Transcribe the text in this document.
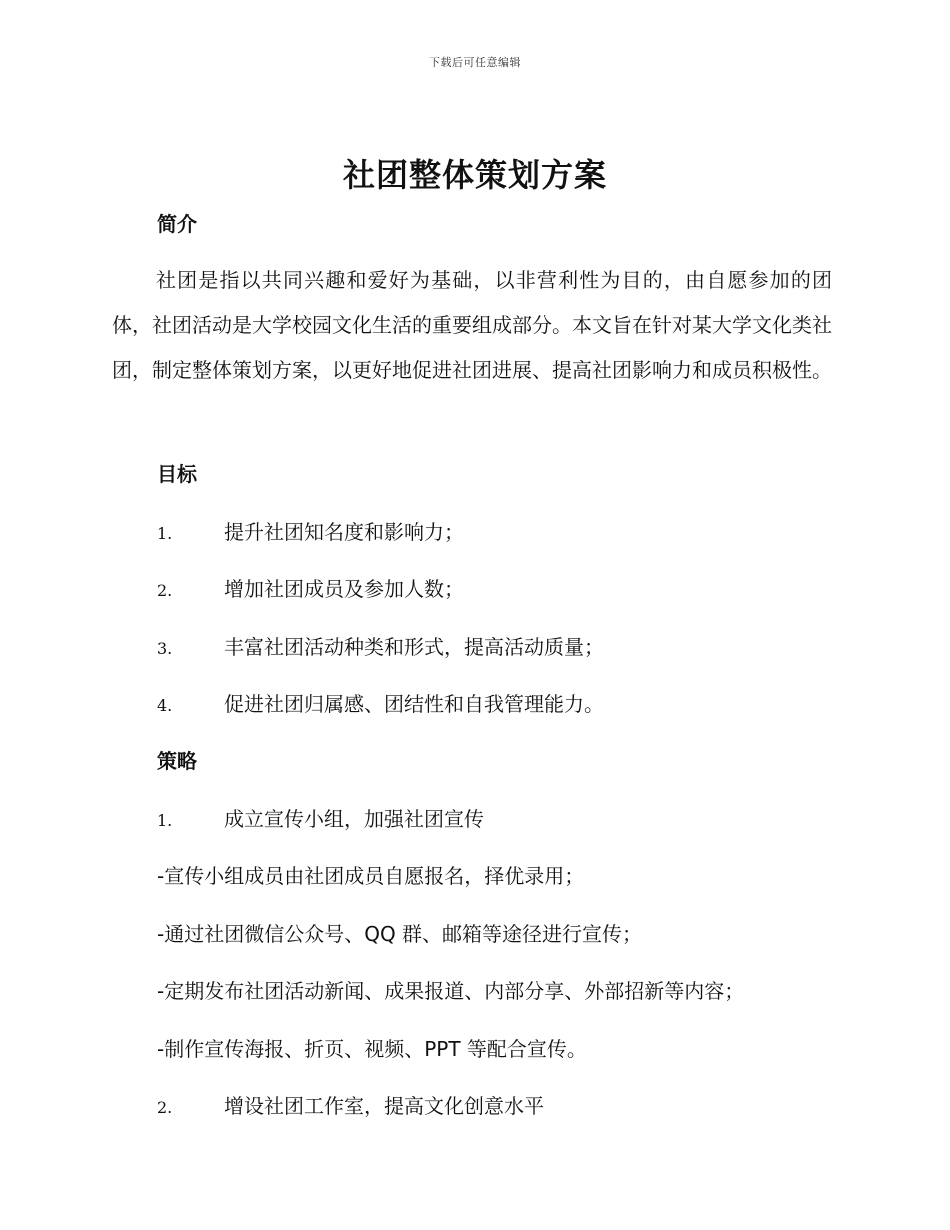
下载后可任意编辑
社团整体策划方案
简介

社团是指以共同兴趣和爱好为基础，以非营利性为目的，由自愿参加的团体，社团活动是大学校园文化生活的重要组成部分。本文旨在针对某大学文化类社团，制定整体策划方案，以更好地促进社团进展、提高社团影响力和成员积极性。

目标
1.	提升社团知名度和影响力；
2.	增加社团成员及参加人数；
3.	丰富社团活动种类和形式，提高活动质量；
4.	促进社团归属感、团结性和自我管理能力。
策略
1.	成立宣传小组，加强社团宣传
-宣传小组成员由社团成员自愿报名，择优录用；
-通过社团微信公众号、QQ 群、邮箱等途径进行宣传；
-定期发布社团活动新闻、成果报道、内部分享、外部招新等内容；
-制作宣传海报、折页、视频、PPT 等配合宣传。
2.	增设社团工作室，提高文化创意水平
